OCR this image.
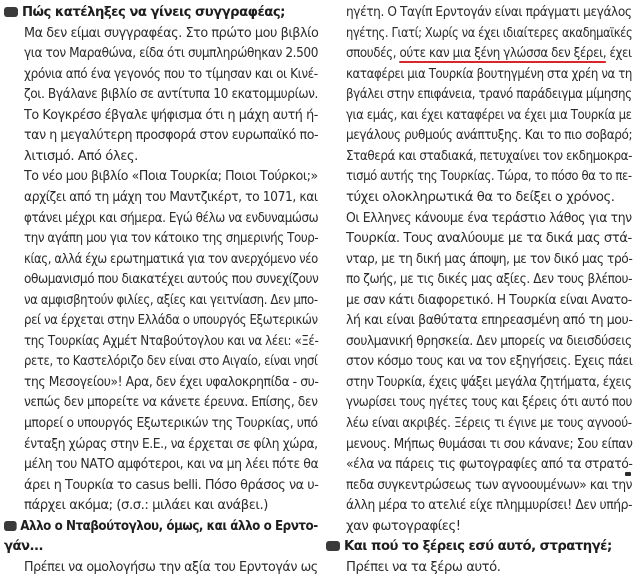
Πώς κατέληξες να γίνεις συγγραφέας;
Μα δεν είμαι συγγραφέας. Στο πρώτο μου βιβλίο
για τον Μαραθώνα, είδα ότι συμπληρώθηκαν 2.500
χρόνια από ένα γεγονός που το τίμησαν και οι Κινέ-
ζοι. Βγάλανε βιβλίο σε αντίτυπα 10 εκατομμυρίων.
Το Κογκρέσο έβγαλε ψήφισμα ότι η μάχη αυτή ή-
ταν η μεγαλύτερη προσφορά στον ευρωπαϊκό πο-
λιτισμό. Από όλες.
Το νέο μου βιβλίο «Ποια Τουρκία; Ποιοι Τούρκοι;»
αρχίζει από τη μάχη του Μαντζικέρτ, το 1071, και
φτάνει μέχρι και σήμερα. Εγώ θέλω να ενδυναμώσω
την αγάπη μου για τον κάτοικο της σημερινής Τουρ-
κίας, αλλά έχω ερωτηματικά για τον ανερχόμενο νέο
οθωμανισμό που διακατέχει αυτούς που συνεχίζουν
να αμφισβητούν φιλίες, αξίες και γειτνίαση. Δεν μπο-
ρεί να έρχεται στην Ελλάδα ο υπουργός Εξωτερικών
της Τουρκίας Αχμέτ Νταβούτογλου και να λέει: «Ξέ-
ρετε, το Καστελόριζο δεν είναι στο Αιγαίο, είναι νησί
της Μεσογείου»! Αρα, δεν έχει υφαλοκρηπίδα - συ-
νεπώς δεν μπορείτε να κάνετε έρευνα. Επίσης, δεν
μπορεί ο υπουργός Εξωτερικών της Τουρκίας, υπό
ένταξη χώρας στην Ε.Ε., να έρχεται σε φίλη χώρα,
μέλη του ΝΑΤΟ αμφότεροι, και να μη λέει πότε θα
άρει η Τουρκία το casus belli. Πόσο θράσος να υ-
πάρχει ακόμα; (σ.σ.: μιλάει και ανάβει.)
Αλλο ο Νταβούτογλου, όμως, και άλλο ο Ερντο-
γάν...
Πρέπει να ομολογήσω την αξία του Ερντογάν ως
ηγέτη. Ο Ταγίπ Ερντογάν είναι πράγματι μεγάλος
ηγέτης. Γιατί; Χωρίς να έχει ιδιαίτερες ακαδημαϊκές
σπουδές, ούτε καν μια ξένη γλώσσα δεν ξέρει, έχει
καταφέρει μια Τουρκία βουτηγμένη στα χρέη να τη
βγάλει στην επιφάνεια, τρανό παράδειγμα μίμησης
για εμάς, και έχει καταφέρει να έχει μια Τουρκία με
μεγάλους ρυθμούς ανάπτυξης. Και το πιο σοβαρό;
Σταθερά και σταδιακά, πετυχαίνει τον εκδημοκρα-
τισμό αυτής της Τουρκίας. Τώρα, το πόσο θα το πε-
τύχει ολοκληρωτικά θα το δείξει ο χρόνος.
Οι Ελληνες κάνουμε ένα τεράστιο λάθος για την
Τουρκία. Τους αναλύουμε με τα δικά μας στά-
νταρ, με τη δική μας άποψη, με τον δικό μας τρό-
πο ζωής, με τις δικές μας αξίες. Δεν τους βλέπου-
με σαν κάτι διαφορετικό. Η Τουρκία είναι Ανατο-
λή και είναι βαθύτατα επηρεασμένη από τη μου-
σουλμανική θρησκεία. Δεν μπορείς να διεισδύσεις
στον κόσμο τους και να τον εξηγήσεις. Εχεις πάει
στην Τουρκία, έχεις ψάξει μεγάλα ζητήματα, έχεις
γνωρίσει τους ηγέτες τους και ξέρεις ότι αυτό που
λέω είναι ακριβές. Ξέρεις τι έγινε με τους αγνοού-
μενους. Μήπως θυμάσαι τι σου κάνανε; Σου είπαν
«έλα να πάρεις τις φωτογραφίες από τα στρατό-
πεδα συγκεντρώσεως των αγνοουμένων» και την
άλλη μέρα το ατελιέ είχε πλημμυρίσει! Δεν υπήρ-
χαν φωτογραφίες!
Και πού το ξέρεις εσύ αυτό, στρατηγέ;
Πρέπει να τα ξέρω αυτό.
